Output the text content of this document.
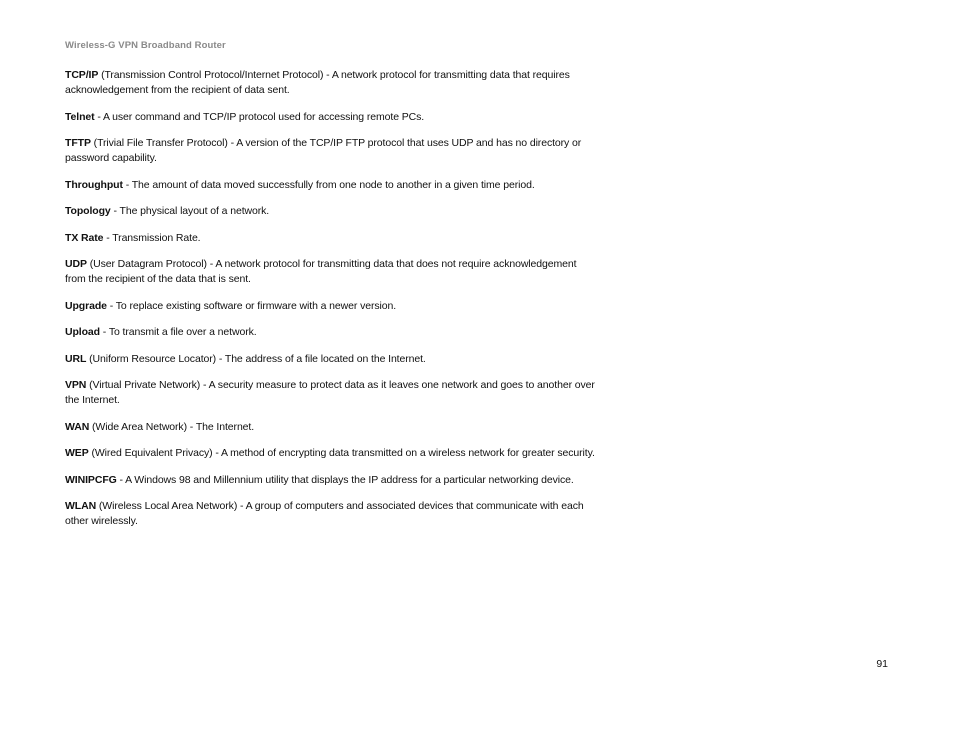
Wireless-G VPN Broadband Router

TCP/IP (Transmission Control Protocol/Internet Protocol) - A network protocol for transmitting data that requires acknowledgement from the recipient of data sent.

Telnet - A user command and TCP/IP protocol used for accessing remote PCs.

TFTP (Trivial File Transfer Protocol) - A version of the TCP/IP FTP protocol that uses UDP and has no directory or password capability.

Throughput - The amount of data moved successfully from one node to another in a given time period.

Topology - The physical layout of a network.

TX Rate - Transmission Rate.

UDP (User Datagram Protocol) - A network protocol for transmitting data that does not require acknowledgement from the recipient of the data that is sent.

Upgrade - To replace existing software or firmware with a newer version.

Upload - To transmit a file over a network.

URL (Uniform Resource Locator) - The address of a file located on the Internet.

VPN (Virtual Private Network) - A security measure to protect data as it leaves one network and goes to another over the Internet.

WAN (Wide Area Network) - The Internet.

WEP (Wired Equivalent Privacy) - A method of encrypting data transmitted on a wireless network for greater security.

WINIPCFG - A Windows 98 and Millennium utility that displays the IP address for a particular networking device.

WLAN (Wireless Local Area Network) - A group of computers and associated devices that communicate with each other wirelessly.

91
